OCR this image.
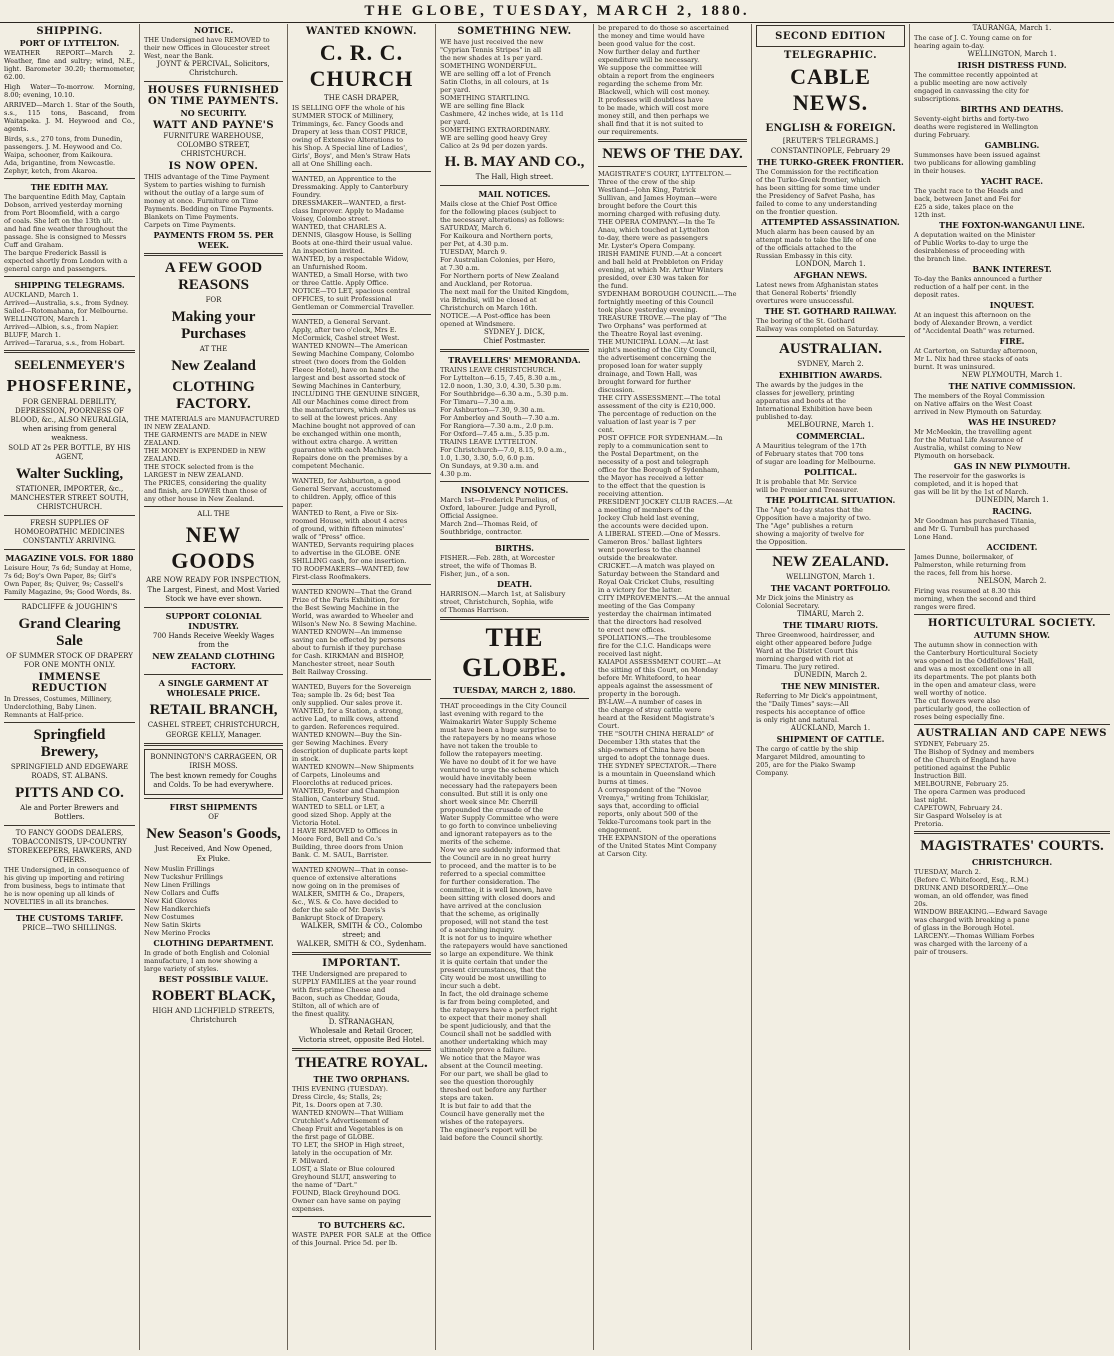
THE GLOBE, TUESDAY, MARCH 2, 1880.
SHIPPING.
PORT OF LYTTELTON.

WEATHER REPORT—March 2. Weather, fine and sultry; wind, N.E., light. Barometer 30.20; thermometer, 62.00.

High Water—To-morrow. Morning, 8.00; evening, 10.10.

ARRIVED—March 1. Star of the South, s.s., 115 tons, Bascand, from Waitapeka. J. M. Heywood and Co., agents.

Birds, s.s., 270 tons, from Dunedin,
passengers. J. M. Heywood and Co.
Waipa, schooner, from Kaikoura.
Ada, brigantine, from Newcastle.
Zephyr, ketch, from Akaroa.
THE EDITH MAY.
The barquentine Edith May, Captain
Dobson, arrived yesterday morning
from Port Bloomfield, with a cargo
of coals. She left on the 13th ult.
and had fine weather throughout the
passage. She is consigned to Messrs
Cuff and Graham.
The barque Frederick Bassil is
expected shortly from London with a
general cargo and passengers.
SHIPPING TELEGRAMS.
AUCKLAND, March 1.
Arrived—Australia, s.s., from Sydney.
Sailed—Rotomahana, for Melbourne.
WELLINGTON, March 1.
Arrived—Albion, s.s., from Napier.
BLUFF, March 1.
Arrived—Tararua, s.s., from Hobart.
SEELENMEYER'S
PHOSFERINE,

FOR GENERAL DEBILITY, DEPRESSION, POORNESS OF BLOOD, &c., ALSO NEURALGIA, when arising from general weakness.

SOLD AT 2s PER BOTTLE, BY HIS AGENT,

Walter Suckling,

STATIONER, IMPORTER, &c., MANCHESTER STREET SOUTH, CHRISTCHURCH.

FRESH SUPPLIES OF HOMOEOPATHIC MEDICINES CONSTANTLY ARRIVING.

MAGAZINE VOLS. FOR 1880
Leisure Hour, 7s 6d; Sunday at Home,
7s 6d; Boy's Own Paper, 8s; Girl's
Own Paper, 8s; Quiver, 9s; Cassell's
Family Magazine, 9s; Good Words, 8s.

RADCLIFFE & JOUGHIN'S

Grand Clearing Sale

OF SUMMER STOCK OF DRAPERY FOR ONE MONTH ONLY.

IMMENSE REDUCTION
In Dresses, Costumes, Millinery,
Underclothing, Baby Linen.
Remnants at Half-price.
Springfield Brewery,

SPRINGFIELD AND EDGEWARE ROADS, ST. ALBANS.

PITTS AND CO.

Ale and Porter Brewers and Bottlers.

TO FANCY GOODS DEALERS, TOBACCONISTS, UP-COUNTRY STOREKEEPERS, HAWKERS, AND OTHERS.

THE Undersigned, in consequence of
his giving up importing and retiring
from business, begs to intimate that
he is now opening up all kinds of
NOVELTIES in all its branches.
THE CUSTOMS TARIFF.

PRICE—TWO SHILLINGS.

NOTICE.
THE Undersigned have REMOVED to
their new Offices in Gloucester street
West, near the Bank.

JOYNT & PERCIVAL, Solicitors, Christchurch.

HOUSES FURNISHED ON TIME PAYMENTS.
NO SECURITY.
WATT AND PAYNE'S

FURNITURE WAREHOUSE, COLOMBO STREET, CHRISTCHURCH.

IS NOW OPEN.
THIS advantage of the Time Payment
System to parties wishing to furnish
without the outlay of a large sum of
money at once. Furniture on Time
Payments. Bedding on Time Payments.
Blankets on Time Payments.
Carpets on Time Payments.
PAYMENTS FROM 5S. PER WEEK.
A FEW GOOD REASONS

FOR

Making your Purchases

AT THE

New Zealand
CLOTHING FACTORY.
THE MATERIALS are MANUFACTURED
IN NEW ZEALAND.
THE GARMENTS are MADE in NEW
ZEALAND.
THE MONEY is EXPENDED in NEW
ZEALAND.
THE STOCK selected from is the
LARGEST in NEW ZEALAND.
The PRICES, considering the quality
and finish, are LOWER than those of
any other house in New Zealand.

ALL THE

NEW GOODS

ARE NOW READY FOR INSPECTION,

The Largest, Finest, and Most Varied Stock we have ever shown.

SUPPORT COLONIAL INDUSTRY.

700 Hands Receive Weekly Wages from the

NEW ZEALAND CLOTHING FACTORY.
A SINGLE GARMENT AT WHOLESALE PRICE.
RETAIL BRANCH,

CASHEL STREET, CHRISTCHURCH,

GEORGE KELLY, Manager.

BONNINGTON'S CARRAGEEN, OR IRISH MOSS.

The best known remedy for Coughs and Colds. To be had everywhere.

FIRST SHIPMENTS

OF

New Season's Goods,

Just Received, And Now Opened,

Ex Pluke.

New Muslin Frillings
New Tuckshur Frillings
New Linen Frillings
New Collars and Cuffs
New Kid Gloves
New Handkerchiefs
New Costumes
New Satin Skirts
New Merino Frocks
CLOTHING DEPARTMENT.
In grade of both English and Colonial
manufacture, I am now showing a
large variety of styles.
BEST POSSIBLE VALUE.
ROBERT BLACK,

HIGH AND LICHFIELD STREETS, Christchurch

WANTED KNOWN.
C. R. C. CHURCH

THE CASH DRAPER,

IS SELLING OFF the whole of his
SUMMER STOCK of Millinery,
Trimmings, &c. Fancy Goods and
Drapery at less than COST PRICE,
owing of Extensive Alterations to
his Shop. A Special line of Ladies',
Girls', Boys', and Men's Straw Hats
all at One Shilling each.
WANTED, an Apprentice to the
Dressmaking. Apply to Canterbury
Foundry.
DRESSMAKER—WANTED, a first-
class Improver. Apply to Madame
Voisey, Colombo street.
WANTED, that CHARLES A.
DENNIS, Glasgow House, is Selling
Boots at one-third their usual value.
An inspection invited.
WANTED, by a respectable Widow,
an Unfurnished Room.
WANTED, a Small Horse, with two
or three Cattle. Apply Office.
NOTICE—TO LET, spacious central
OFFICES, to suit Professional
Gentleman or Commercial Traveller.
WANTED, a General Servant.
Apply, after two o'clock, Mrs E.
McCormick, Cashel street West.
WANTED KNOWN—The American
Sewing Machine Company, Colombo
street (two doors from the Golden
Fleece Hotel), have on hand the
largest and best assorted stock of
Sewing Machines in Canterbury,
INCLUDING THE GENUINE SINGER,
All our Machines come direct from
the manufacturers, which enables us
to sell at the lowest prices. Any
Machine bought not approved of can
be exchanged within one month,
without extra charge. A written
guarantee with each Machine.
Repairs done on the premises by a
competent Mechanic.
WANTED, for Ashburton, a good
General Servant, accustomed
to children. Apply, office of this
paper.
WANTED to Rent, a Five or Six-
roomed House, with about 4 acres
of ground, within fifteen minutes'
walk of "Press" office.
WANTED, Servants requiring places
to advertise in the GLOBE. ONE
SHILLING cash, for one insertion.
TO ROOFMAKERS—WANTED, few
First-class Roofmakers.
WANTED KNOWN—That the Grand
Prize of the Paris Exhibition, for
the Best Sewing Machine in the
World, was awarded to Wheeler and
Wilson's New No. 8 Sewing Machine.
WANTED KNOWN—An immense
saving can be effected by persons
about to furnish if they purchase
for Cash. KIRKMAN and BISHOP,
Manchester street, near South
Belt Railway Crossing.
WANTED, Buyers for the Sovereign
Tea; sample lb. 2s 6d; best Tea
only supplied. Our sales prove it.
WANTED, for a Station, a strong,
active Lad, to milk cows, attend
to garden. References required.
WANTED KNOWN—Buy the Sin-
ger Sewing Machines. Every
description of duplicate parts kept
in stock.
WANTED KNOWN—New Shipments
of Carpets, Linoleums and
Floorcloths at reduced prices.
WANTED, Foster and Champion
Stallion, Canterbury Stud.
WANTED to SELL or LET, a
good sized Shop. Apply at the
Victoria Hotel.
I HAVE REMOVED to Offices in
Moore Ford, Bell and Co.'s
Building, three doors from Union
Bank. C. M. SAUL, Barrister.
WANTED KNOWN—That in conse-
quence of extensive alterations
now going on in the premises of
WALKER, SMITH & Co., Drapers,
&c., W.S. & Co. have decided to
defer the sale of Mr. Davis's
Bankrupt Stock of Drapery.

WALKER, SMITH & CO., Colombo street; and
WALKER, SMITH & CO., Sydenham.

IMPORTANT.
THE Undersigned are prepared to
SUPPLY FAMILIES at the year round
with first-prime Cheese and
Bacon, such as Cheddar, Gouda,
Stilton, all of which are of
the finest quality.

D. STRANAGHAN,
Wholesale and Retail Grocer,
Victoria street, opposite Bed Hotel.

THEATRE ROYAL.
THE TWO ORPHANS.
THIS EVENING (TUESDAY).
Dress Circle, 4s; Stalls, 2s;
Pit, 1s. Doors open at 7.30.
WANTED KNOWN—That William
Crutchlet's Advertisement of
Cheap Fruit and Vegetables is on
the first page of GLOBE.
TO LET, the SHOP in High street,
lately in the occupation of Mr.
F. Milward.
LOST, a Slate or Blue coloured
Greyhound SLUT, answering to
the name of "Dart."
FOUND, Black Greyhound DOG.
Owner can have same on paying
expenses.
TO BUTCHERS &C.

WASTE PAPER FOR SALE at the Office of this Journal. Price 5d. per lb.

SOMETHING NEW.
WE have just received the new
"Cyprian Tennis Stripes" in all
the new shades at 1s per yard.
SOMETHING WONDERFUL.
WE are selling off a lot of French
Satin Cloths, in all colours, at 1s
per yard.
SOMETHING STARTLING.
WE are selling fine Black
Cashmere, 42 inches wide, at 1s 11d
per yard.
SOMETHING EXTRAORDINARY.
WE are selling good heavy Grey
Calico at 2s 9d per dozen yards.
H. B. MAY AND CO.,

The Hall, High street.

MAIL NOTICES.
Mails close at the Chief Post Office
for the following places (subject to
the necessary alterations) as follows:
SATURDAY, March 6.
For Kaikoura and Northern ports,
per Pet, at 4.30 p.m.
TUESDAY, March 9.
For Australian Colonies, per Hero,
at 7.30 a.m.
For Northern ports of New Zealand
and Auckland, per Rotorua.
The next mail for the United Kingdom,
via Brindisi, will be closed at
Christchurch on March 16th.
NOTICE.—A Post-office has been
opened at Windsmere.

SYDNEY J. DICK,
Chief Postmaster.

TRAVELLERS' MEMORANDA.
TRAINS LEAVE CHRISTCHURCH.
For Lyttelton—6.15, 7.45, 8.30 a.m.,
12.0 noon, 1.30, 3.0, 4.30, 5.30 p.m.
For Southbridge—6.30 a.m., 5.30 p.m.
For Timaru—7.30 a.m.
For Ashburton—7.30, 9.30 a.m.
For Amberley and South—7.30 a.m.
For Rangiora—7.30 a.m., 2.0 p.m.
For Oxford—7.45 a.m., 5.35 p.m.
TRAINS LEAVE LYTTELTON.
For Christchurch—7.0, 8.15, 9.0 a.m.,
1.0, 1.30, 3.30, 5.0, 6.0 p.m.
On Sundays, at 9.30 a.m. and
4.30 p.m.
INSOLVENCY NOTICES.
March 1st—Frederick Purnelius, of
Oxford, labourer. Judge and Pyroll,
Official Assignee.
March 2nd—Thomas Reid, of
Southbridge, contractor.
BIRTHS.
FISHER.—Feb. 28th, at Worcester
street, the wife of Thomas B.
Fisher, jun., of a son.
DEATH.
HARRISON.—March 1st, at Salisbury
street, Christchurch, Sophia, wife
of Thomas Harrison.
THE GLOBE.
TUESDAY, MARCH 2, 1880.
THAT proceedings in the City Council
last evening with regard to the
Waimakariri Water Supply Scheme
must have been a huge surprise to
the ratepayers by no means whose
have not taken the trouble to
follow the ratepayers meeting.
We have no doubt of it for we have
ventured to urge the scheme which
would have inevitably been
necessary had the ratepayers been
consulted. But still it is only one
short week since Mr. Cherrill
propounded the crusade of the
Water Supply Committee who were
to go forth to convince unbelieving
and ignorant ratepayers as to the
merits of the scheme.
Now we are suddenly informed that
the Council are in no great hurry
to proceed, and the matter is to be
referred to a special committee
for further consideration. The
committee, it is well known, have
been sitting with closed doors and
have arrived at the conclusion
that the scheme, as originally
proposed, will not stand the test
of a searching inquiry.
It is not for us to inquire whether
the ratepayers would have sanctioned
so large an expenditure. We think
it is quite certain that under the
present circumstances, that the
City would be most unwilling to
incur such a debt.
In fact, the old drainage scheme
is far from being completed, and
the ratepayers have a perfect right
to expect that their money shall
be spent judiciously, and that the
Council shall not be saddled with
another undertaking which may
ultimately prove a failure.
We notice that the Mayor was
absent at the Council meeting.
For our part, we shall be glad to
see the question thoroughly
threshed out before any further
steps are taken.
It is but fair to add that the
Council have generally met the
wishes of the ratepayers.
The engineer's report will be
laid before the Council shortly.
be prepared to do those so ascertained
the money and time would have
been good value for the cost.
Now further delay and further
expenditure will be necessary.
We suppose the committee will
obtain a report from the engineers
regarding the scheme from Mr.
Blackwell, which will cost money.
It professes will doubtless have
to be made, which will cost more
money still, and then perhaps we
shall find that it is not suited to
our requirements.
NEWS OF THE DAY.
MAGISTRATE'S COURT, LYTTELTON.—
Three of the crew of the ship
Westland—John King, Patrick
Sullivan, and James Hoyman—were
brought before the Court this
morning charged with refusing duty.
THE OPERA COMPANY.—In the Te
Anau, which touched at Lyttelton
to-day, there were as passengers
Mr. Lyster's Opera Company.
IRISH FAMINE FUND.—At a concert
and ball held at Prebbleton on Friday
evening, at which Mr. Arthur Winters
presided, over £30 was taken for
the fund.
SYDENHAM BOROUGH COUNCIL.—The
fortnightly meeting of this Council
took place yesterday evening.
TREASURE TROVE.—The play of "The
Two Orphans" was performed at
the Theatre Royal last evening.
THE MUNICIPAL LOAN.—At last
night's meeting of the City Council,
the advertisement concerning the
proposed loan for water supply
drainage, and Town Hall, was
brought forward for further
discussion.
THE CITY ASSESSMENT.—The total
assessment of the city is £210,000.
The percentage of reduction on the
valuation of last year is 7 per
cent.
POST OFFICE FOR SYDENHAM.—In
reply to a communication sent to
the Postal Department, on the
necessity of a post and telegraph
office for the Borough of Sydenham,
the Mayor has received a letter
to the effect that the question is
receiving attention.
PRESIDENT JOCKEY CLUB RACES.—At
a meeting of members of the
Jockey Club held last evening,
the accounts were decided upon.
A LIBERAL STEED.—One of Messrs.
Cameron Bros.' ballast lighters
went powerless to the channel
outside the breakwater.
CRICKET.—A match was played on
Saturday between the Standard and
Royal Oak Cricket Clubs, resulting
in a victory for the latter.
CITY IMPROVEMENTS.—At the annual
meeting of the Gas Company
yesterday the chairman intimated
that the directors had resolved
to erect new offices.
SPOLIATIONS.—The troublesome
fire for the C.I.C. Handicaps were
received last night.
KAIAPOI ASSESSMENT COURT.—At
the sitting of this Court, on Monday
before Mr. Whitefoord, to hear
appeals against the assessment of
property in the borough.
BY-LAW.—A number of cases in
the charge of stray cattle were
heard at the Resident Magistrate's
Court.
THE "SOUTH CHINA HERALD" of
December 13th states that the
ship-owners of China have been
urged to adopt the tonnage dues.
THE SYDNEY SPECTATOR.—There
is a mountain in Queensland which
burns at times.
A correspondent of the "Novoe
Vremya," writing from Tchikislar,
says that, according to official
reports, only about 500 of the
Tekke-Turcomans took part in the
engagement.
THE EXPANSION of the operations
of the United States Mint Company
at Carson City.
SECOND EDITION
TELEGRAPHIC.
CABLE NEWS.
ENGLISH & FOREIGN.

[REUTER'S TELEGRAMS.]

CONSTANTINOPLE, February 29

THE TURKO-GREEK FRONTIER.
The Commission for the rectification
of the Turko-Greek frontier, which
has been sitting for some time under
the Presidency of Safvet Pasha, has
failed to come to any understanding
on the frontier question.
ATTEMPTED ASSASSINATION.
Much alarm has been caused by an
attempt made to take the life of one
of the officials attached to the
Russian Embassy in this city.

LONDON, March 1.

AFGHAN NEWS.
Latest news from Afghanistan states
that General Roberts' friendly
overtures were unsuccessful.
THE ST. GOTHARD RAILWAY.
The boring of the St. Gothard
Railway was completed on Saturday.
AUSTRALIAN.

SYDNEY, March 2.

EXHIBITION AWARDS.
The awards by the judges in the
classes for jewellery, printing
apparatus and boots at the
International Exhibition have been
published to-day.

MELBOURNE, March 1.

COMMERCIAL.
A Mauritius telegram of the 17th
of February states that 700 tons
of sugar are loading for Melbourne.
POLITICAL.
It is probable that Mr. Service
will be Premier and Treasurer.
THE POLITICAL SITUATION.
The "Age" to-day states that the
Opposition have a majority of two.
The "Age" publishes a return
showing a majority of twelve for
the Opposition.
NEW ZEALAND.

WELLINGTON, March 1.

THE VACANT PORTFOLIO.
Mr Dick joins the Ministry as
Colonial Secretary.

TIMARU, March 2.

THE TIMARU RIOTS.
Three Greenwood, hairdresser, and
eight other appeared before Judge
Ward at the District Court this
morning charged with riot at
Timaru. The jury retired.

DUNEDIN, March 2.

THE NEW MINISTER.
Referring to Mr Dick's appointment,
the "Daily Times" says:—All
respects his acceptance of office
is only right and natural.

AUCKLAND, March 1.

SHIPMENT OF CATTLE.
The cargo of cattle by the ship
Margaret Mildred, amounting to
205, are for the Piako Swamp
Company.

TAURANGA, March 1.

The case of J. C. Young came on for
hearing again to-day.

WELLINGTON, March 1.

IRISH DISTRESS FUND.
The committee recently appointed at
a public meeting are now actively
engaged in canvassing the city for
subscriptions.
BIRTHS AND DEATHS.
Seventy-eight births and forty-two
deaths were registered in Wellington
during February.
GAMBLING.
Summonses have been issued against
two publicans for allowing gambling
in their houses.
YACHT RACE.
The yacht race to the Heads and
back, between Janet and Fei for
£25 a side, takes place on the
12th inst.
THE FOXTON-WANGANUI LINE.
A deputation waited on the Minister
of Public Works to-day to urge the
desirableness of proceeding with
the branch line.
BANK INTEREST.
To-day the Banks announced a further
reduction of a half per cent. in the
deposit rates.
INQUEST.
At an inquest this afternoon on the
body of Alexander Brown, a verdict
of "Accidental Death" was returned.
FIRE.
At Carterton, on Saturday afternoon,
Mr L. Nix had three stacks of oats
burnt. It was uninsured.

NEW PLYMOUTH, March 1.

THE NATIVE COMMISSION.
The members of the Royal Commission
on Native affairs on the West Coast
arrived in New Plymouth on Saturday.
WAS HE INSURED?
Mr McMeekin, the travelling agent
for the Mutual Life Assurance of
Australia, whilst coming to New
Plymouth on horseback.
GAS IN NEW PLYMOUTH.
The reservoir for the gasworks is
completed, and it is hoped that
gas will be lit by the 1st of March.

DUNEDIN, March 1.

RACING.
Mr Goodman has purchased Titania,
and Mr G. Turnbull has purchased
Lone Hand.
ACCIDENT.
James Dunne, boilermaker, of
Palmerston, while returning from
the races, fell from his horse.

NELSON, March 2.

Firing was resumed at 8.30 this
morning, when the second and third
ranges were fired.
HORTICULTURAL SOCIETY.
AUTUMN SHOW.
The autumn show in connection with
the Canterbury Horticultural Society
was opened in the Oddfellows' Hall,
and was a most excellent one in all
its departments. The pot plants both
in the open and amateur class, were
well worthy of notice.
The cut flowers were also
particularly good, the collection of
roses being especially fine.
AUSTRALIAN AND CAPE NEWS
SYDNEY, February 25.
The Bishop of Sydney and members
of the Church of England have
petitioned against the Public
Instruction Bill.
MELBOURNE, February 25.
The opera Carmen was produced
last night.
CAPETOWN, February 24.
Sir Gaspard Wolseley is at
Pretoria.
MAGISTRATES' COURTS.
CHRISTCHURCH.
TUESDAY, March 2.
(Before C. Whitefoord, Esq., R.M.)
DRUNK AND DISORDERLY.—One
woman, an old offender, was fined
20s.
WINDOW BREAKING.—Edward Savage
was charged with breaking a pane
of glass in the Borough Hotel.
LARCENY.—Thomas William Forbes
was charged with the larceny of a
pair of trousers.
